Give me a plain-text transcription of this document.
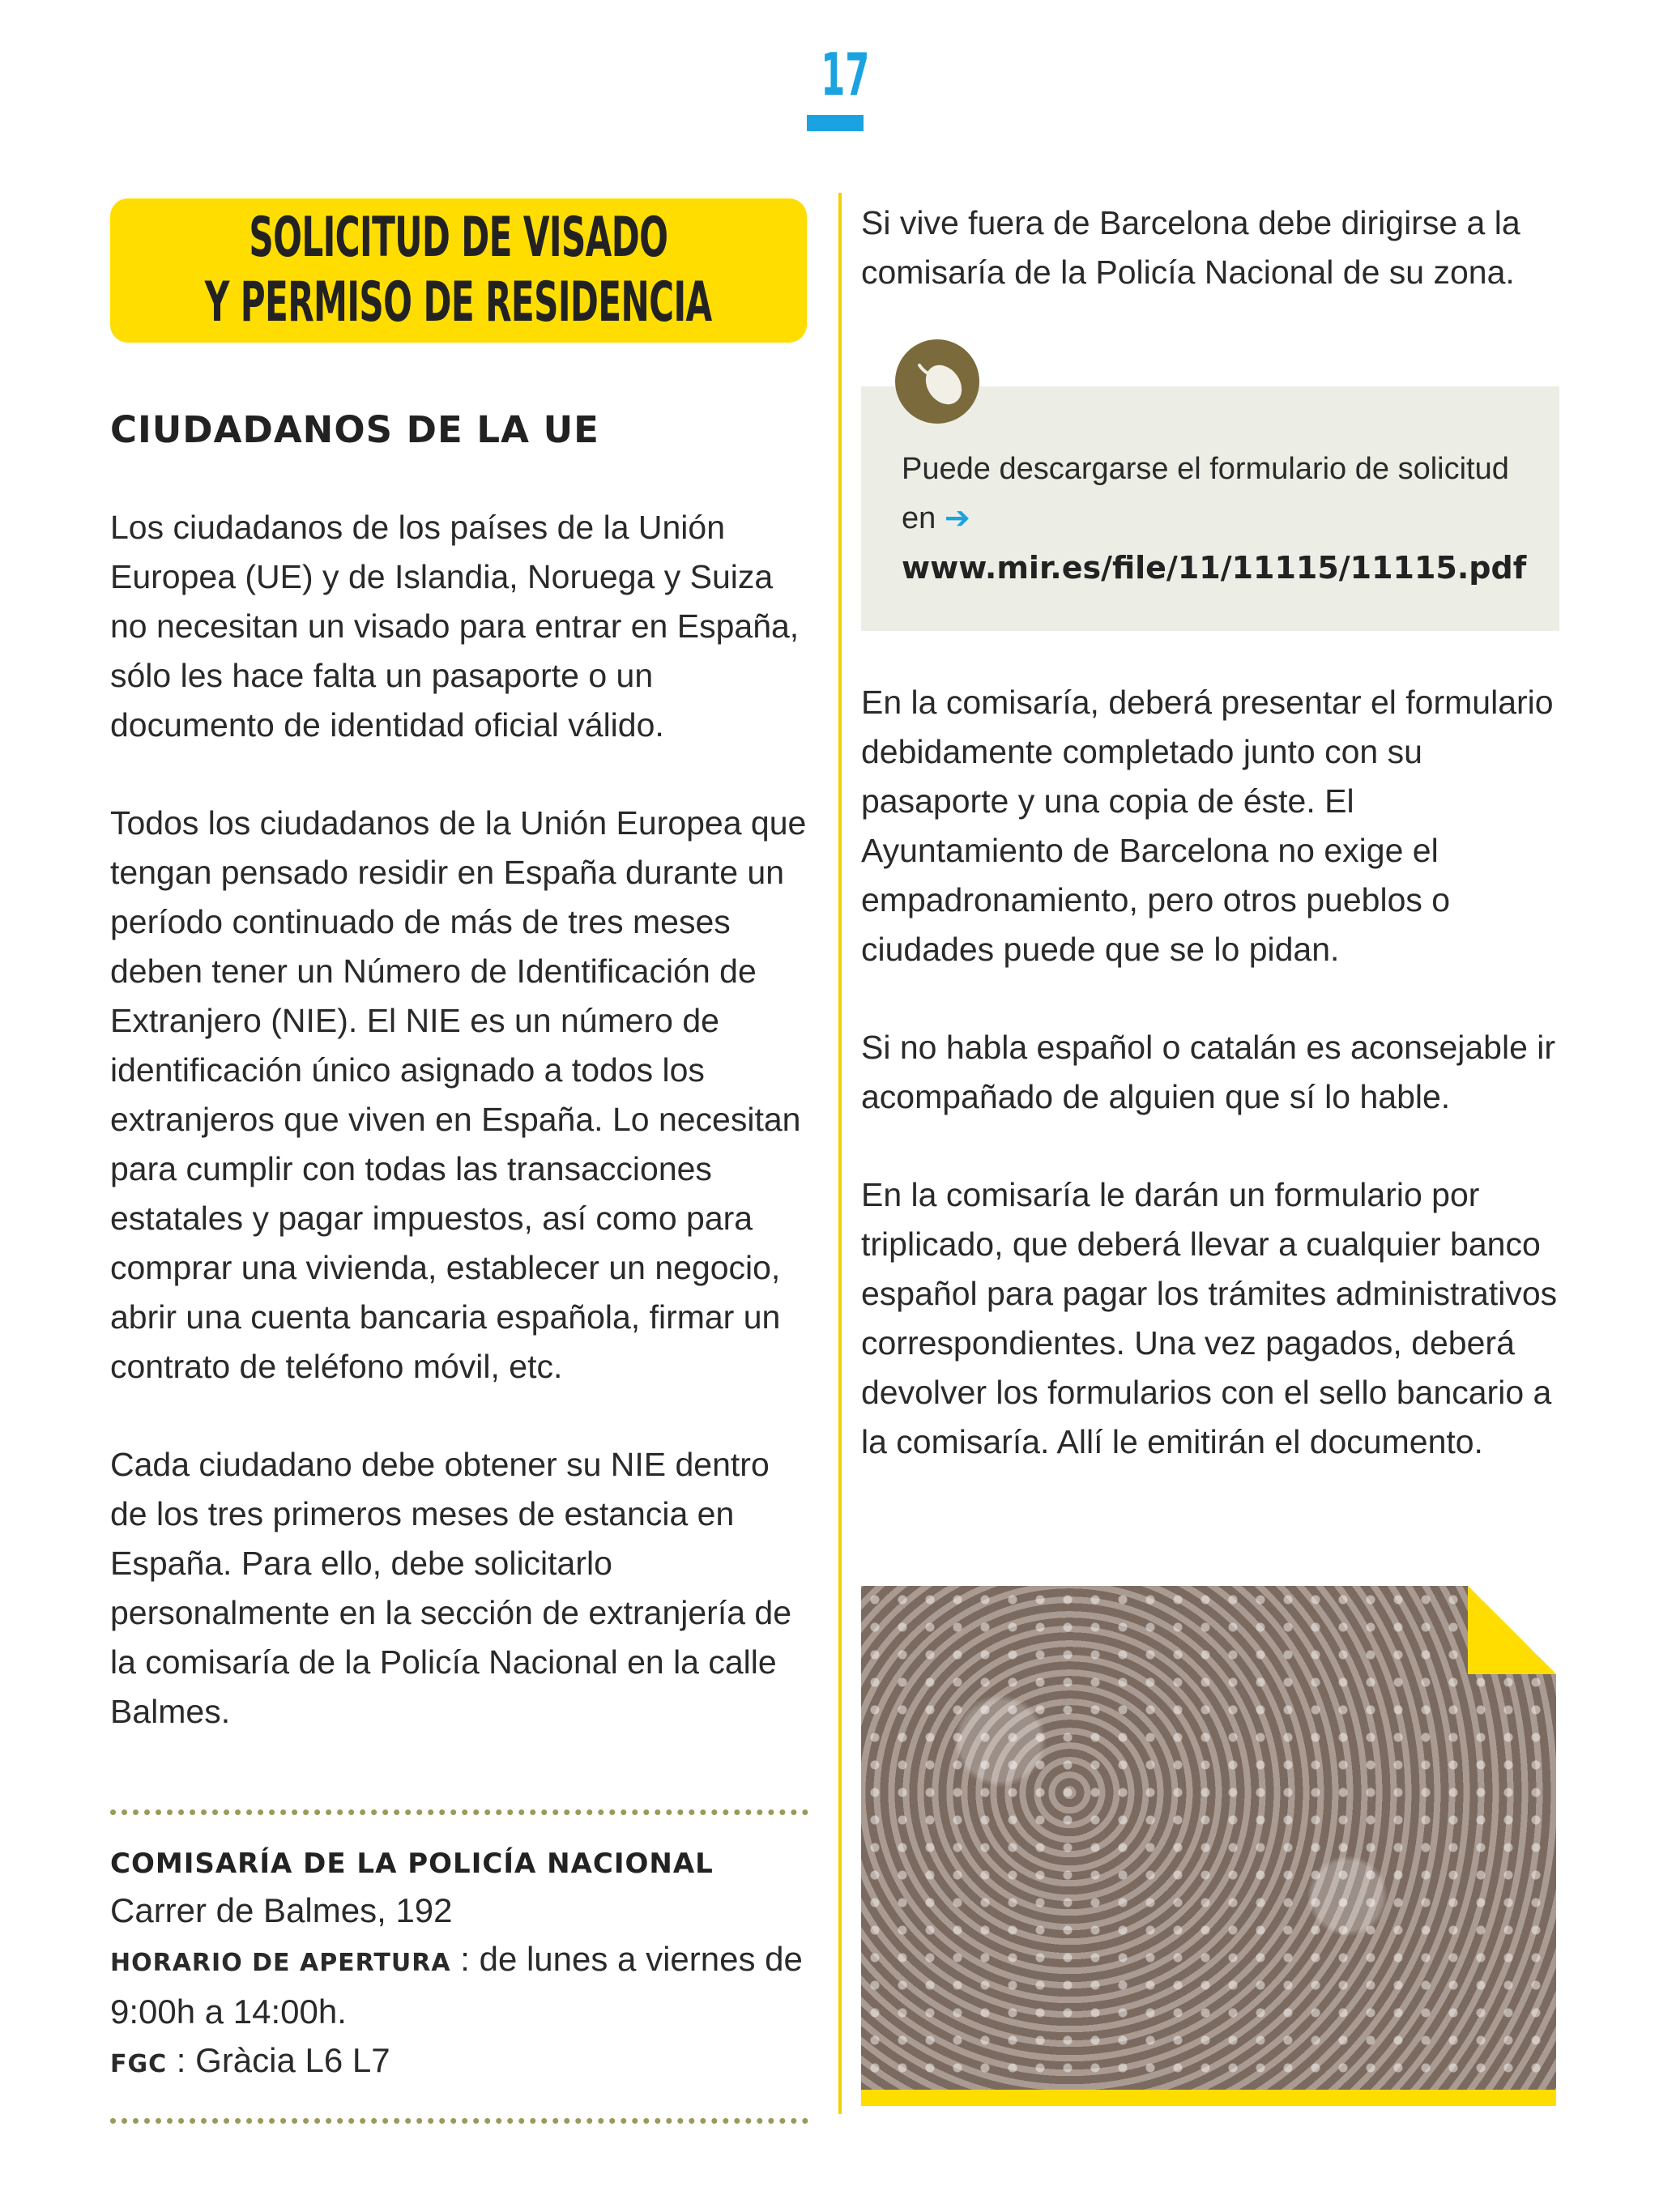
17
SOLICITUD DE VISADO
Y PERMISO DE RESIDENCIA
CIUDADANOS DE LA UE

Los ciudadanos de los países de la Unión Europea (UE) y de Islandia, Noruega y Suiza no necesitan un visado para entrar en España, sólo les hace falta un pasaporte o un documento de identidad oficial válido.

Todos los ciudadanos de la Unión Europea que tengan pensado residir en España durante un período continuado de más de tres meses deben tener un Número de Identificación de Extranjero (NIE). El NIE es un número de identificación único asignado a todos los extranjeros que viven en España. Lo necesitan para cumplir con todas las transacciones estatales y pagar impuestos, así como para comprar una vivienda, establecer un negocio, abrir una cuenta bancaria española, firmar un contrato de teléfono móvil, etc.

Cada ciudadano debe obtener su NIE dentro de los tres primeros meses de estancia en España. Para ello, debe solicitarlo personalmente en la sección de extranjería de la comisaría de la Policía Nacional en la calle Balmes.

COMISARÍA DE LA POLICÍA NACIONAL
Carrer de Balmes, 192
HORARIO DE APERTURA : de lunes a viernes de 9:00h a 14:00h.
FGC : Gràcia L6 L7

Si vive fuera de Barcelona debe dirigirse a la comisaría de la Policía Nacional de su zona.

Puede descargarse el formulario de solicitud en ➔ www.mir.es/file/11/11115/11115.pdf

En la comisaría, deberá presentar el formulario debidamente completado junto con su pasaporte y una copia de éste. El Ayuntamiento de Barcelona no exige el empadronamiento, pero otros pueblos o ciudades puede que se lo pidan.

Si no habla español o catalán es aconsejable ir acompañado de alguien que sí lo hable.

En la comisaría le darán un formulario por triplicado, que deberá llevar a cualquier banco español para pagar los trámites administrativos correspondientes. Una vez pagados, deberá devolver los formularios con el sello bancario a la comisaría. Allí le emitirán el documento.
